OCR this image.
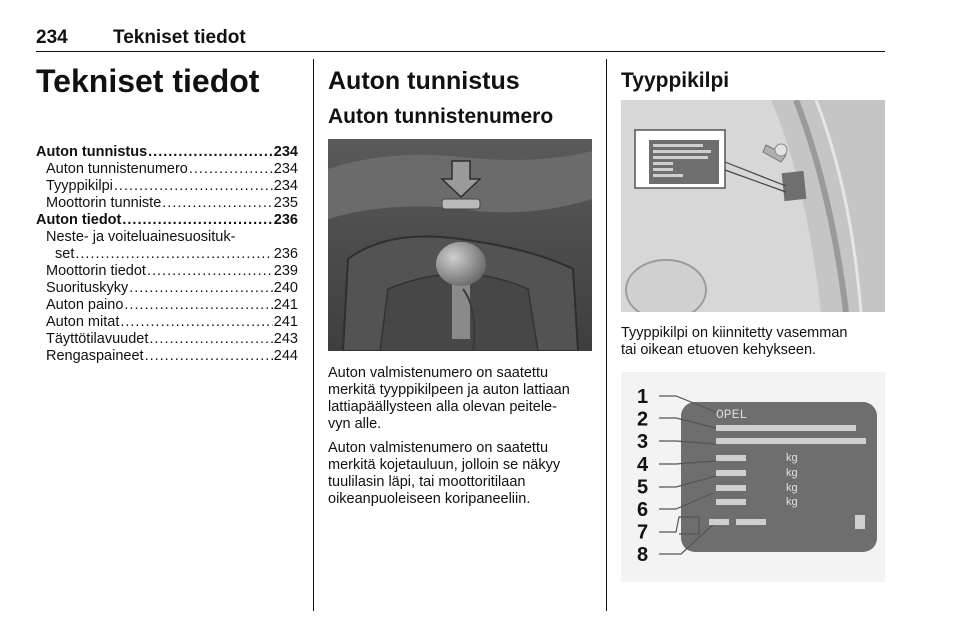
234 Tekniset tiedot
Tekniset tiedot
Auton tunnistus .....	234
Auton tunnistenumero .....	234
Tyyppikilpi .....	234
Moottorin tunniste .....	235
Auton tiedot .....	236
Neste- ja voiteluainesuosituk-
set .....	236
Moottorin tiedot .....	239
Suorituskyky .....	240
Auton paino .....	241
Auton mitat .....	241
Täyttötilavuudet .....	243
Rengaspaineet .....	244
Auton tunnistus
Auton tunnistenumero

Auton valmistenumero on saatettu

merkitä tyyppikilpeen ja auton lattiaan

lattiapäällysteen alla olevan peitele-

vyn alle.

Auton valmistenumero on saatettu

merkitä kojetauluun, jolloin se näkyy

tuulilasin läpi, tai moottoritilaan

oikeanpuoleiseen koripaneeliin.

Tyyppikilpi

Tyyppikilpi on kiinnitetty vasemman

tai oikean etuoven kehykseen.

1
2
3
4
5
6
7
8
OPEL
kg
kg
kg
kg
